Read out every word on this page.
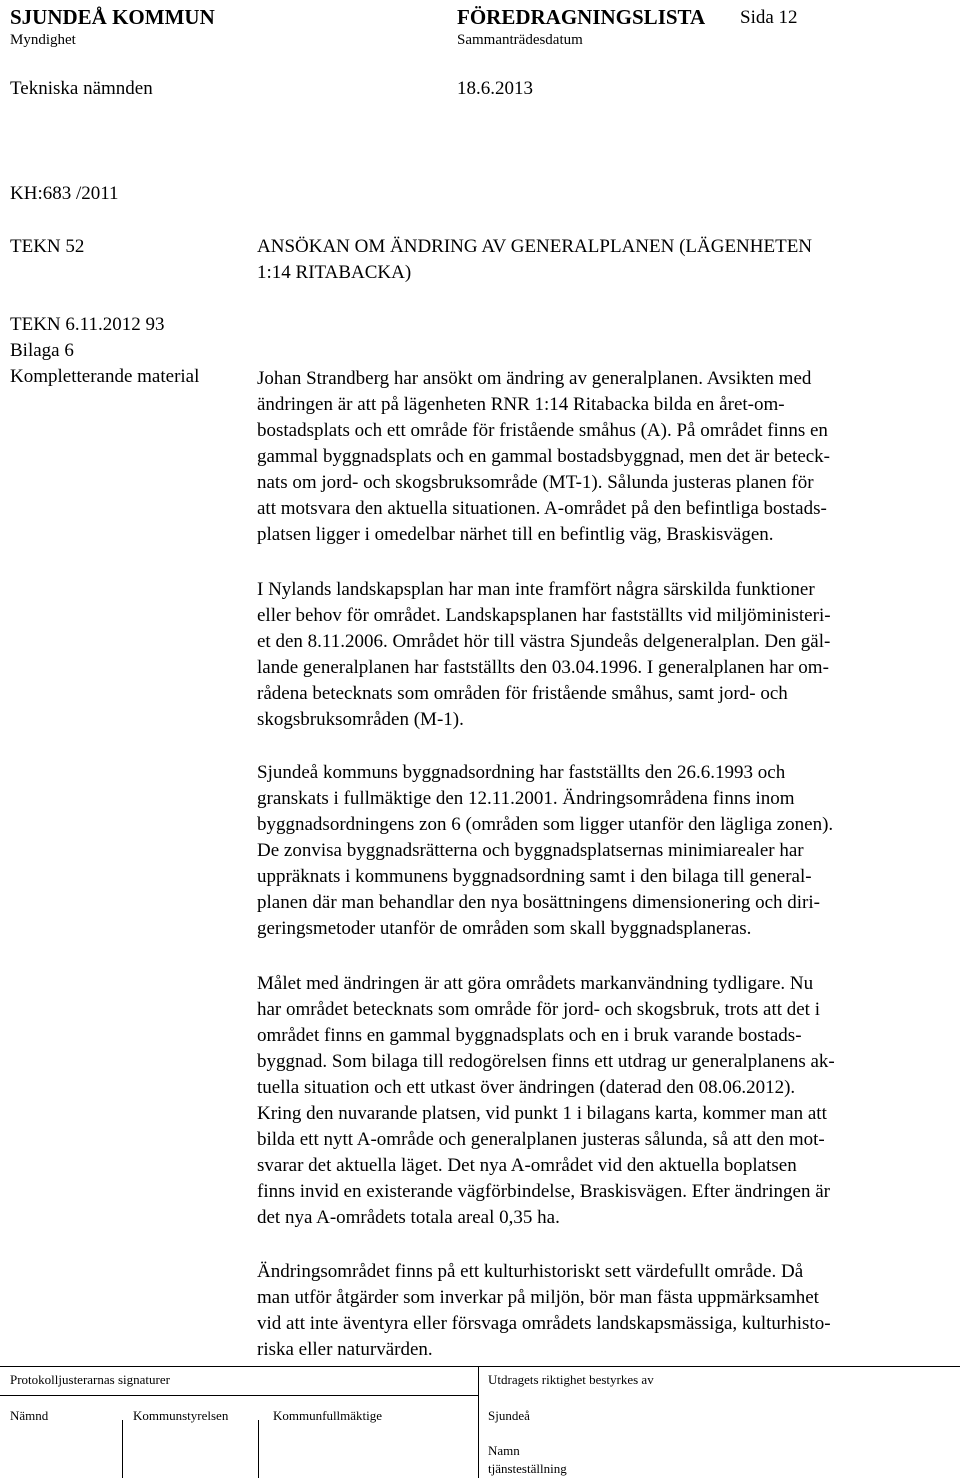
SJUNDEÅ KOMMUN	FÖREDRAGNINGSLISTA Sida 12
Myndighet	Sammanträdesdatum
Tekniska nämnden	18.6.2013
KH:683 /2011
TEKN 52	ANSÖKAN OM ÄNDRING AV GENERALPLANEN (LÄGENHETEN
1:14 RITABACKA)
TEKN 6.11.2012 93
Bilaga 6
Kompletterande material	Johan Strandberg har ansökt om ändring av generalplanen. Avsikten med
ändringen är att på lägenheten RNR 1:14 Ritabacka bilda en året-om-
bostadsplats och ett område för fristående småhus (A). På området finns en
gammal byggnadsplats och en gammal bostadsbyggnad, men det är beteck-
nats om jord- och skogsbruksområde (MT-1). Sålunda justeras planen för
att motsvara den aktuella situationen. A-området på den befintliga bostads-
platsen ligger i omedelbar närhet till en befintlig väg, Braskisvägen.
I Nylands landskapsplan har man inte framfört några särskilda funktioner
eller behov för området. Landskapsplanen har fastställts vid miljöministeri-
et den 8.11.2006. Området hör till västra Sjundeås delgeneralplan. Den gäl-
lande generalplanen har fastställts den 03.04.1996. I generalplanen har om-
rådena betecknats som områden för fristående småhus, samt jord- och
skogsbruksområden (M-1).
Sjundeå kommuns byggnadsordning har fastställts den 26.6.1993 och
granskats i fullmäktige den 12.11.2001. Ändringsområdena finns inom
byggnadsordningens zon 6 (områden som ligger utanför den lägliga zonen).
De zonvisa byggnadsrätterna och byggnadsplatsernas minimiarealer har
uppräknats i kommunens byggnadsordning samt i den bilaga till general-
planen där man behandlar den nya bosättningens dimensionering och diri-
geringsmetoder utanför de områden som skall byggnadsplaneras.
Målet med ändringen är att göra områdets markanvändning tydligare. Nu
har området betecknats som område för jord- och skogsbruk, trots att det i
området finns en gammal byggnadsplats och en i bruk varande bostads-
byggnad. Som bilaga till redogörelsen finns ett utdrag ur generalplanens ak-
tuella situation och ett utkast över ändringen (daterad den 08.06.2012).
Kring den nuvarande platsen, vid punkt 1 i bilagans karta, kommer man att
bilda ett nytt A-område och generalplanen justeras sålunda, så att den mot-
svarar det aktuella läget. Det nya A-området vid den aktuella boplatsen
finns invid en existerande vägförbindelse, Braskisvägen. Efter ändringen är
det nya A-områdets totala areal 0,35 ha.
Ändringsområdet finns på ett kulturhistoriskt sett värdefullt område. Då
man utför åtgärder som inverkar på miljön, bör man fästa uppmärksamhet
vid att inte äventyra eller försvaga områdets landskapsmässiga, kulturhisto-
riska eller naturvärden.
Protokolljusterarnas signaturer
Nämnd	Kommunstyrelsen	Kommunfullmäktige
Utdragets riktighet bestyrkes av
Sjundeå
Namn
tjänsteställning
